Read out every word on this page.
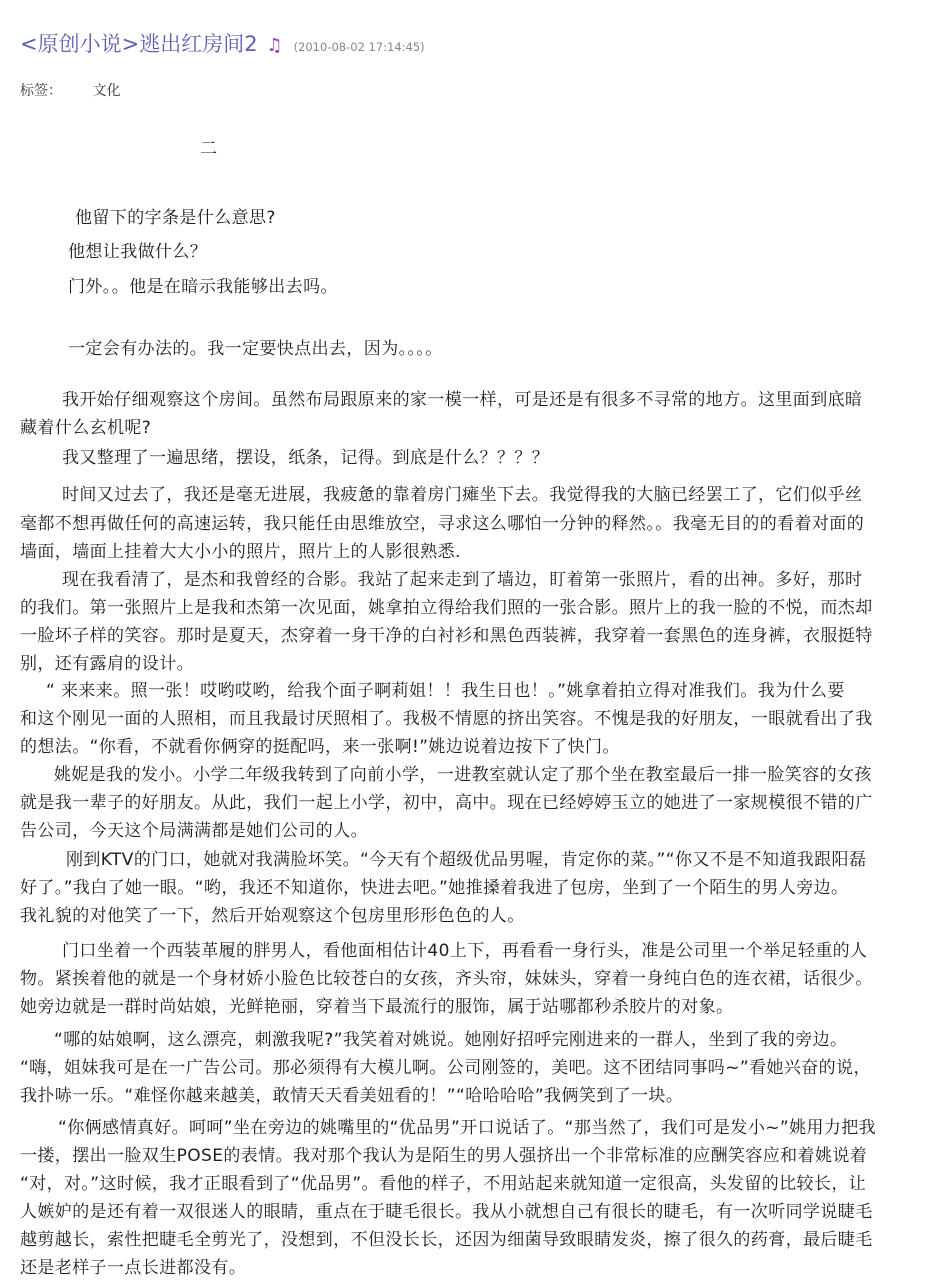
<原创小说>逃出红房间2 ♫ (2010-08-02 17:14:45)
标签： 文化
二
他留下的字条是什么意思?
他想让我做什么？
门外。。他是在暗示我能够出去吗。
一定会有办法的。我一定要快点出去，因为。。。。
我开始仔细观察这个房间。虽然布局跟原来的家一模一样，可是还是有很多不寻常的地方。这里面到底暗
藏着什么玄机呢?
我又整理了一遍思绪，摆设，纸条，记得。到底是什么？？？？
时间又过去了，我还是毫无进展，我疲惫的靠着房门瘫坐下去。我觉得我的大脑已经罢工了，它们似乎丝
毫都不想再做任何的高速运转，我只能任由思维放空，寻求这么哪怕一分钟的释然。。我毫无目的的看着对面的
墙面，墙面上挂着大大小小的照片，照片上的人影很熟悉.
现在我看清了，是杰和我曾经的合影。我站了起来走到了墙边，盯着第一张照片，看的出神。多好，那时
的我们。第一张照片上是我和杰第一次见面，姚拿拍立得给我们照的一张合影。照片上的我一脸的不悦，而杰却
一脸坏子样的笑容。那时是夏天，杰穿着一身干净的白衬衫和黑色西装裤，我穿着一套黑色的连身裤，衣服挺特
别，还有露肩的设计。
“ 来来来。照一张！哎哟哎哟，给我个面子啊莉姐！！我生日也！。”姚拿着拍立得对准我们。我为什么要
和这个刚见一面的人照相，而且我最讨厌照相了。我极不情愿的挤出笑容。不愧是我的好朋友，一眼就看出了我
的想法。“你看，不就看你俩穿的挺配吗，来一张啊!”姚边说着边按下了快门。
姚妮是我的发小。小学二年级我转到了向前小学，一进教室就认定了那个坐在教室最后一排一脸笑容的女孩
就是我一辈子的好朋友。从此，我们一起上小学，初中，高中。现在已经婷婷玉立的她进了一家规模很不错的广
告公司，今天这个局满满都是她们公司的人。
刚到KTV的门口，她就对我满脸坏笑。“今天有个超级优品男喔，肯定你的菜。”“你又不是不知道我跟阳磊
好了。”我白了她一眼。“哟，我还不知道你，快进去吧。”她推搡着我进了包房，坐到了一个陌生的男人旁边。
我礼貌的对他笑了一下，然后开始观察这个包房里形形色色的人。
门口坐着一个西装革履的胖男人，看他面相估计40上下，再看看一身行头，准是公司里一个举足轻重的人
物。紧挨着他的就是一个身材娇小脸色比较苍白的女孩，齐头帘，妹妹头，穿着一身纯白色的连衣裙，话很少。
她旁边就是一群时尚姑娘，光鲜艳丽，穿着当下最流行的服饰，属于站哪都秒杀胶片的对象。
“哪的姑娘啊，这么漂亮，刺激我呢?”我笑着对姚说。她刚好招呼完刚进来的一群人，坐到了我的旁边。
“嗨，姐妹我可是在一广告公司。那必须得有大模儿啊。公司刚签的，美吧。这不团结同事吗~”看她兴奋的说，
我扑哧一乐。“难怪你越来越美，敢情天天看美妞看的！”“哈哈哈哈”我俩笑到了一块。
“你俩感情真好。呵呵”坐在旁边的姚嘴里的“优品男”开口说话了。“那当然了，我们可是发小~”姚用力把我
一搂，摆出一脸双生POSE的表情。我对那个我认为是陌生的男人强挤出一个非常标准的应酬笑容应和着姚说着
“对，对。”这时候，我才正眼看到了“优品男”。看他的样子，不用站起来就知道一定很高，头发留的比较长，让
人嫉妒的是还有着一双很迷人的眼睛，重点在于睫毛很长。我从小就想自己有很长的睫毛，有一次听同学说睫毛
越剪越长，索性把睫毛全剪光了，没想到，不但没长长，还因为细菌导致眼睛发炎，擦了很久的药膏，最后睫毛
还是老样子一点长进都没有。
